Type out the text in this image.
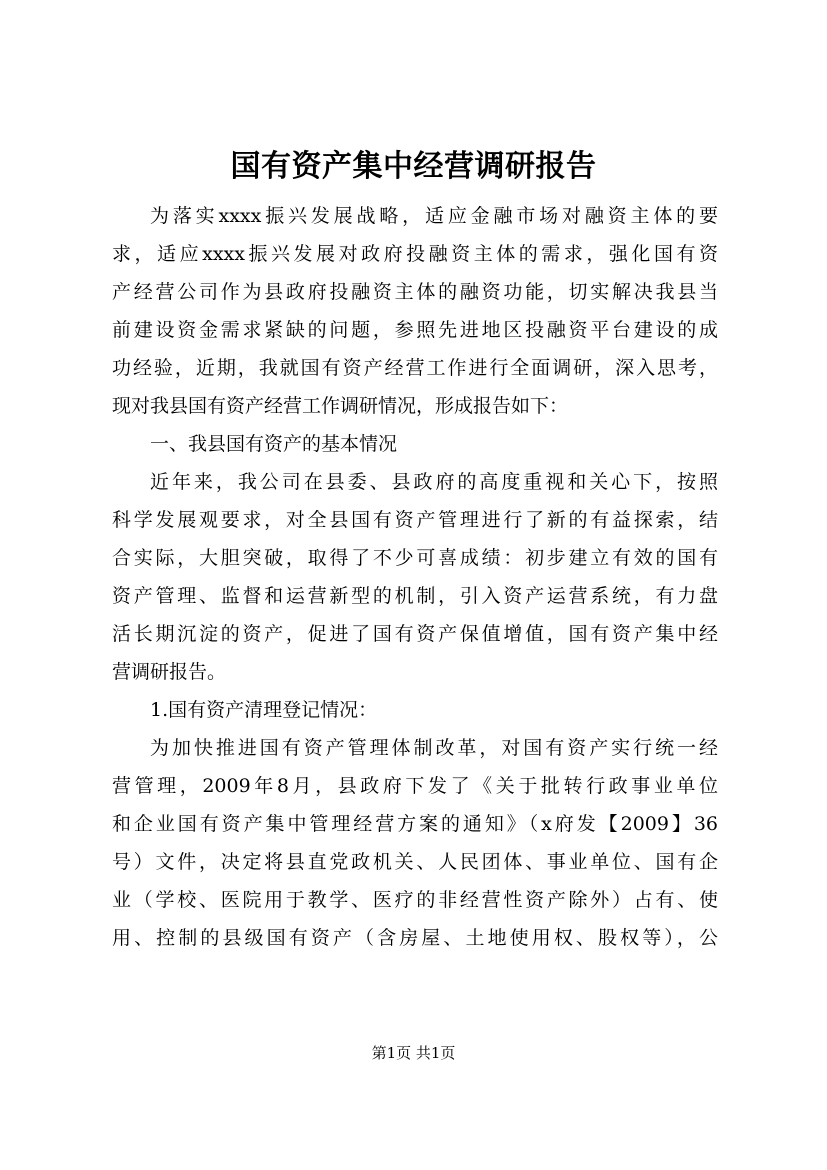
国有资产集中经营调研报告
为落实xxxx振兴发展战略，适应金融市场对融资主体的要
求，适应xxxx振兴发展对政府投融资主体的需求，强化国有资
产经营公司作为县政府投融资主体的融资功能，切实解决我县当
前建设资金需求紧缺的问题，参照先进地区投融资平台建设的成
功经验，近期，我就国有资产经营工作进行全面调研，深入思考，
现对我县国有资产经营工作调研情况，形成报告如下：
一、我县国有资产的基本情况
近年来，我公司在县委、县政府的高度重视和关心下，按照
科学发展观要求，对全县国有资产管理进行了新的有益探索，结
合实际，大胆突破，取得了不少可喜成绩：初步建立有效的国有
资产管理、监督和运营新型的机制，引入资产运营系统，有力盘
活长期沉淀的资产，促进了国有资产保值增值，国有资产集中经
营调研报告。
1.国有资产清理登记情况：
为加快推进国有资产管理体制改革，对国有资产实行统一经
营管理，2009年8月，县政府下发了《关于批转行政事业单位
和企业国有资产集中管理经营方案的通知》（x府发【2009】36
号）文件，决定将县直党政机关、人民团体、事业单位、国有企
业（学校、医院用于教学、医疗的非经营性资产除外）占有、使
用、控制的县级国有资产（含房屋、土地使用权、股权等），公
第1页 共1页
